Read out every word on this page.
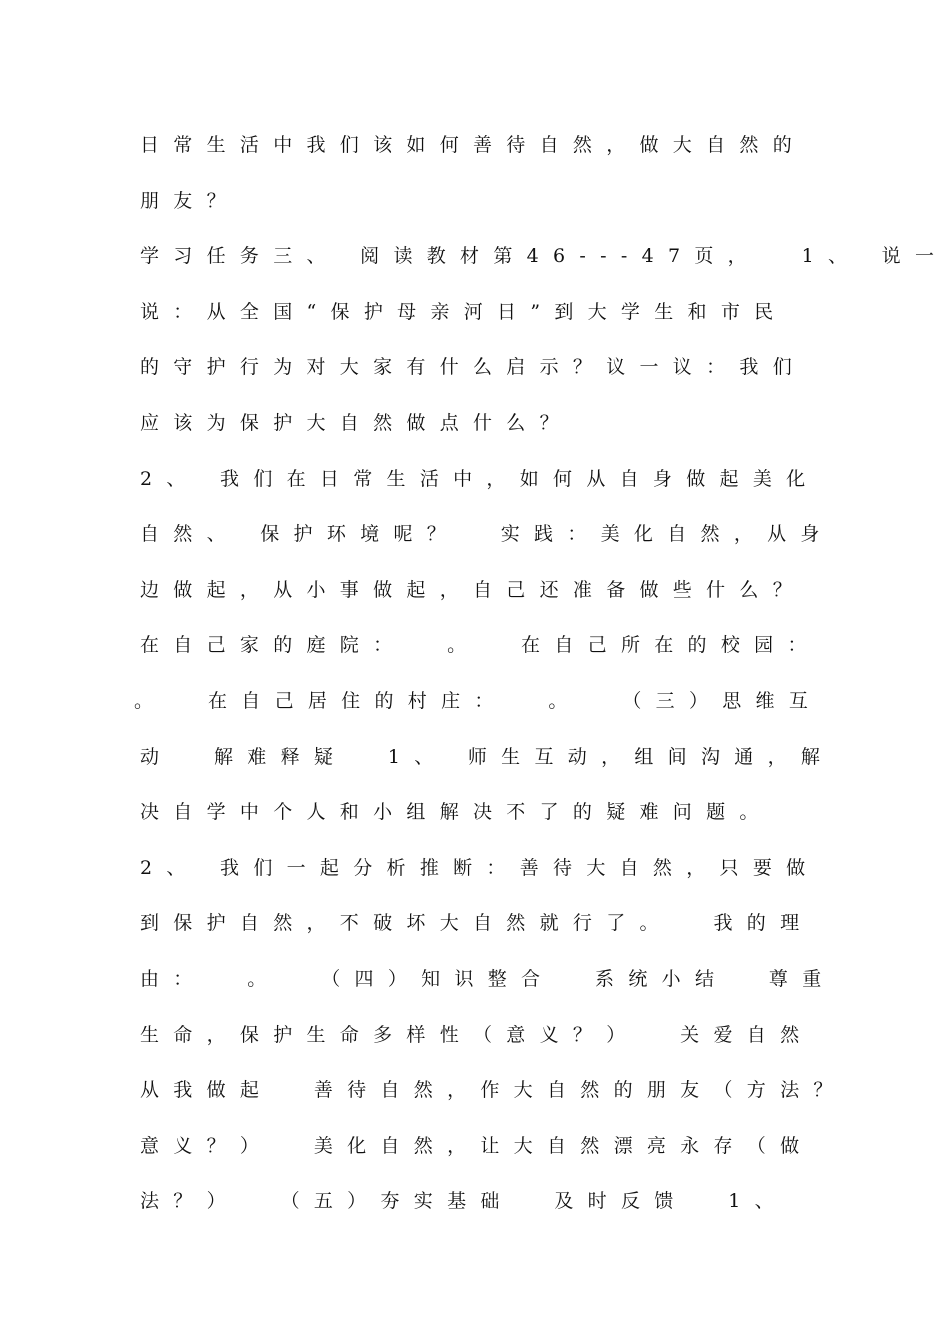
日常生活中我们该如何善待自然，做大自然的
朋友？
学习任务三、 阅读教材第46---47页，  1、 说一
说：从全国“保护母亲河日”到大学生和市民
的守护行为对大家有什么启示？议一议：我们
应该为保护大自然做点什么？
2、 我们在日常生活中，如何从自身做起美化
自然、 保护环境呢？  实践：美化自然，从身
边做起，从小事做起，自己还准备做些什么？
在自己家的庭院：  。  在自己所在的校园：
。  在自己居住的村庄：  。  （三）思维互
动  解难释疑  1、 师生互动，组间沟通，解
决自学中个人和小组解决不了的疑难问题。
2、 我们一起分析推断：善待大自然，只要做
到保护自然，不破坏大自然就行了。  我的理
由：  。  （四）知识整合  系统小结  尊重
生命，保护生命多样性（意义？）  关爱自然
从我做起  善待自然，作大自然的朋友（方法？
意义？）  美化自然，让大自然漂亮永存（做
法？）  （五）夯实基础  及时反馈  1、
